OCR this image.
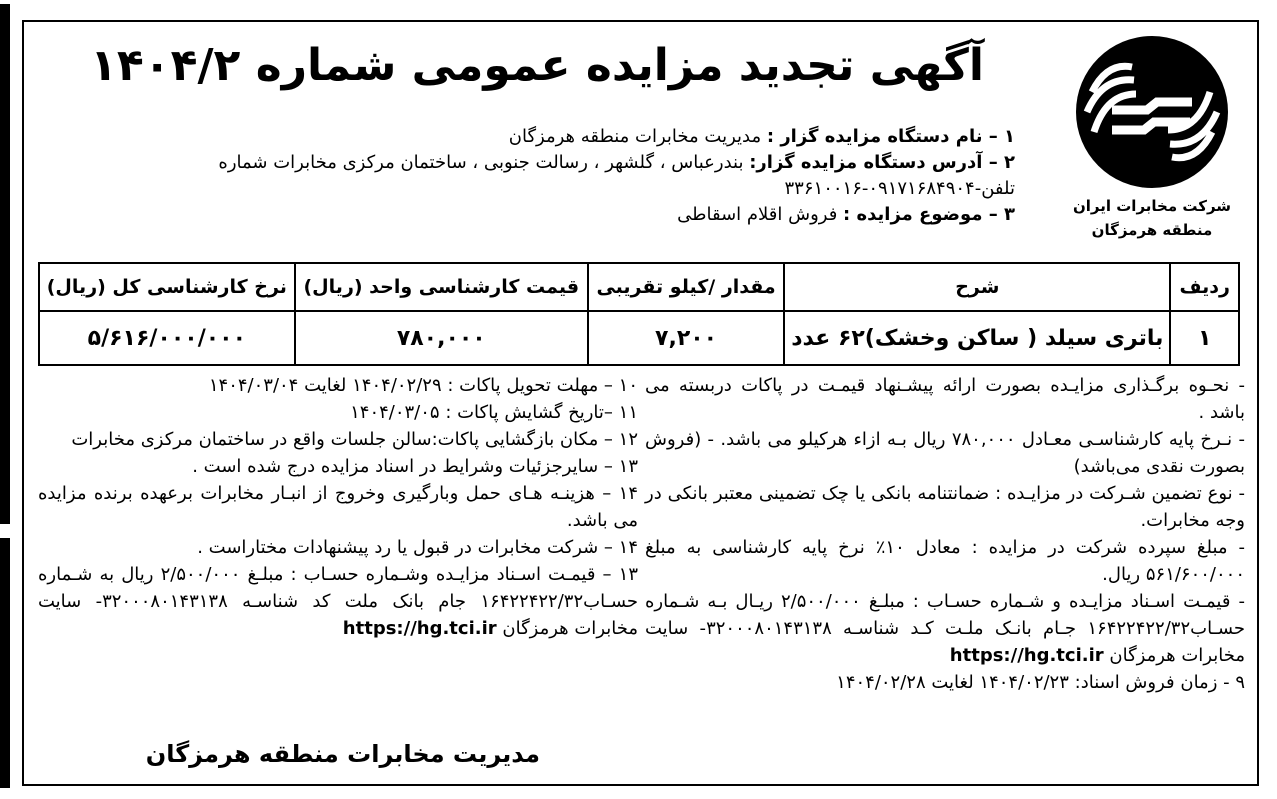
شرکت مخابرات ایران
منطقه هرمزگان
آگهی تجدید مزایده عمومی شماره ۱۴۰۴/۲
۱ – نام دستگاه مزایده گزار : مدیریت مخابرات منطقه هرمزگان
۲ – آدرس دستگاه مزایده گزار: بندرعباس ، گلشهر ، رسالت جنوبی ، ساختمان مرکزی مخابرات شماره
تلفن-۰۹۱۷۱۶۸۴۹۰۴-۳۳۶۱۰۰۱۶
۳ – موضوع مزایده : فروش اقلام اسقاطی
ردیف	شرح	مقدار /کیلو تقریبی	قیمت کارشناسی واحد (ریال)	نرخ کارشناسی کل (ریال)
۱	باتری سیلد ( ساکن وخشک)۶۲ عدد	۷,۲۰۰	۷۸۰,۰۰۰	۵/۶۱۶/۰۰۰/۰۰۰

- نحـوه برگـذاری مزایـده بصورت ارائه پیشـنهاد قیمـت در پاکات دربسته می باشد .

- نـرخ پایه کارشناسـی معـادل ۷۸۰,۰۰۰ ریال بـه ازاء هرکیلو می باشد. - (فروش بصورت نقدی می‌باشد)

- نوع تضمین شـرکت در مزایـده : ضمانتنامه بانکی یا چک تضمینی معتبر بانکی در وجه مخابرات.

- مبلغ سپرده شرکت در مزایده : معادل ۱۰٪ نرخ پایه کارشناسی به مبلغ ۵۶۱/۶۰۰/۰۰۰ ریال.

- قیمـت اسـناد مزایـده و شـماره حسـاب : مبلـغ ۲/۵۰۰/۰۰۰ ریـال بـه شـماره حسـاب۱۶۴۲۲۴۲۲/۳۲ جـام بانـک ملـت کـد شناسـه ۳۲۰۰۰۸۰۱۴۳۱۳۸- سایت مخابرات هرمزگان https://hg.tci.ir

۹ - زمان فروش اسناد: ۱۴۰۴/۰۲/۲۳ لغایت ۱۴۰۴/۰۲/۲۸

۱۰ – مهلت تحویل پاکات : ۱۴۰۴/۰۲/۲۹ لغایت ۱۴۰۴/۰۳/۰۴

۱۱ –تاریخ گشایش پاکات : ۱۴۰۴/۰۳/۰۵

۱۲ – مکان بازگشایی پاکات:سالن جلسات واقع در ساختمان مرکزی مخابرات

۱۳ – سایرجزئیات وشرایط در اسناد مزایده درج شده است .

۱۴ – هزینـه هـای حمل وبارگیری وخروج از انبـار مخابرات برعهده برنده مزایده می باشد.

۱۴ – شرکت مخابرات در قبول یا رد پیشنهادات مختاراست .

۱۳ – قیمـت اسـناد مزایـده وشـماره حسـاب : مبلـغ ۲/۵۰۰/۰۰۰ ریال به شـماره حسـاب۱۶۴۲۲۴۲۲/۳۲ جام بانک ملت کد شناسـه ۳۲۰۰۰۸۰۱۴۳۱۳۸- سایت مخابرات هرمزگان https://hg.tci.ir

مدیریت مخابرات منطقه هرمزگان
